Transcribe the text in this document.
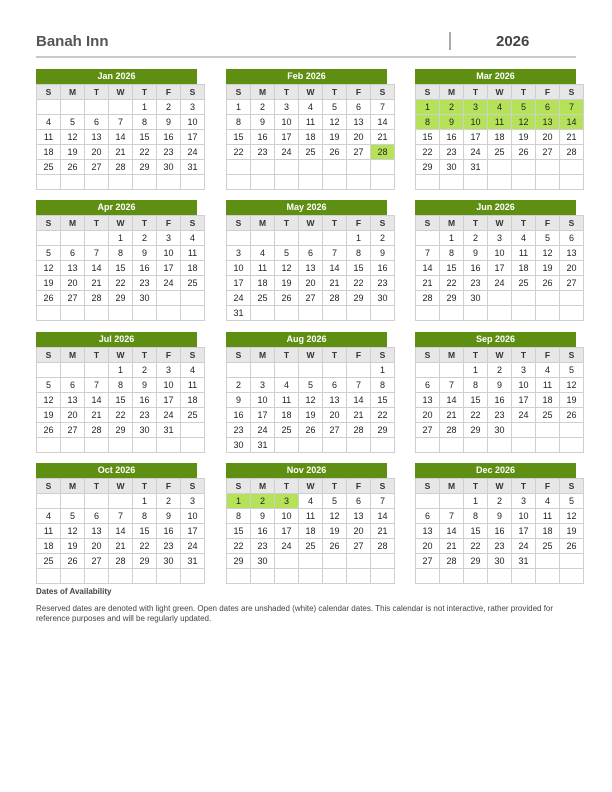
Banah Inn	2026
Jan 2026
S	M	T	W	T	F	S
				1	2	3
4	5	6	7	8	9	10
11	12	13	14	15	16	17
18	19	20	21	22	23	24
25	26	27	28	29	30	31

Feb 2026
S	M	T	W	T	F	S
1	2	3	4	5	6	7
8	9	10	11	12	13	14
15	16	17	18	19	20	21
22	23	24	25	26	27	28

Mar 2026
S	M	T	W	T	F	S
1	2	3	4	5	6	7
8	9	10	11	12	13	14
15	16	17	18	19	20	21
22	23	24	25	26	27	28
29	30	31				

Apr 2026
S	M	T	W	T	F	S
			1	2	3	4
5	6	7	8	9	10	11
12	13	14	15	16	17	18
19	20	21	22	23	24	25
26	27	28	29	30		

May 2026
S	M	T	W	T	F	S
					1	2
3	4	5	6	7	8	9
10	11	12	13	14	15	16
17	18	19	20	21	22	23
24	25	26	27	28	29	30
31						
Jun 2026
S	M	T	W	T	F	S
	1	2	3	4	5	6
7	8	9	10	11	12	13
14	15	16	17	18	19	20
21	22	23	24	25	26	27
28	29	30				

Jul 2026
S	M	T	W	T	F	S
			1	2	3	4
5	6	7	8	9	10	11
12	13	14	15	16	17	18
19	20	21	22	23	24	25
26	27	28	29	30	31	

Aug 2026
S	M	T	W	T	F	S
						1
2	3	4	5	6	7	8
9	10	11	12	13	14	15
16	17	18	19	20	21	22
23	24	25	26	27	28	29
30	31					
Sep 2026
S	M	T	W	T	F	S
		1	2	3	4	5
6	7	8	9	10	11	12
13	14	15	16	17	18	19
20	21	22	23	24	25	26
27	28	29	30			

Oct 2026
S	M	T	W	T	F	S
				1	2	3
4	5	6	7	8	9	10
11	12	13	14	15	16	17
18	19	20	21	22	23	24
25	26	27	28	29	30	31

Nov 2026
S	M	T	W	T	F	S
1	2	3	4	5	6	7
8	9	10	11	12	13	14
15	16	17	18	19	20	21
22	23	24	25	26	27	28
29	30					

Dec 2026
S	M	T	W	T	F	S
		1	2	3	4	5
6	7	8	9	10	11	12
13	14	15	16	17	18	19
20	21	22	23	24	25	26
27	28	29	30	31		

Dates of Availability
Reserved dates are denoted with light green. Open dates are unshaded (white) calendar dates. This calendar is not interactive, rather provided for reference purposes and will be regularly updated.
